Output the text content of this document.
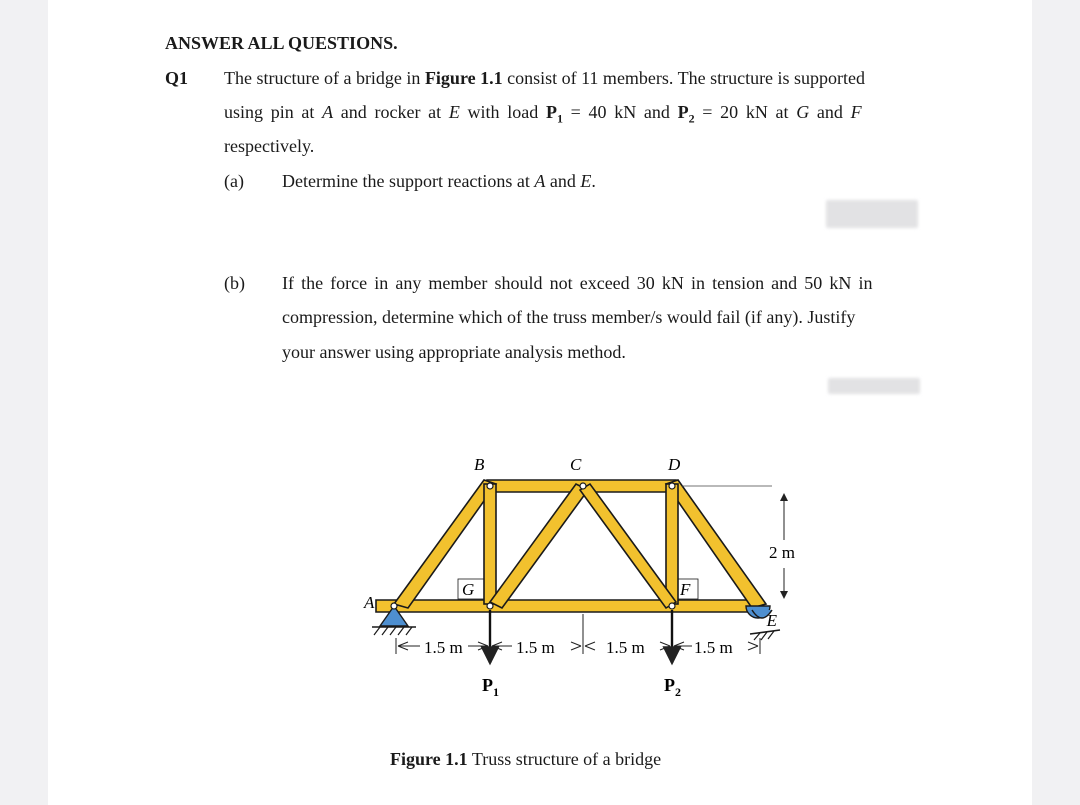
ANSWER ALL QUESTIONS.
Q1 The structure of a bridge in Figure 1.1 consist of 11 members. The structure is supported
using pin at A and rocker at E with load $P_1 = 40$ kN and $P_2 = 20$ kN at G and F
respectively.
(a) Determine the support reactions at A and E.
(b) If the force in any member should not exceed 30 kN in tension and 50 kN in
compression, determine which of the truss member/s would fail (if any). Justify
your answer using appropriate analysis method.
B	C	D
A
E
G	F
2 m
1.5 m	1.5 m	1.5 m	1.5 m
$P_1$	$P_2$
Figure 1.1 Truss structure of a bridge
